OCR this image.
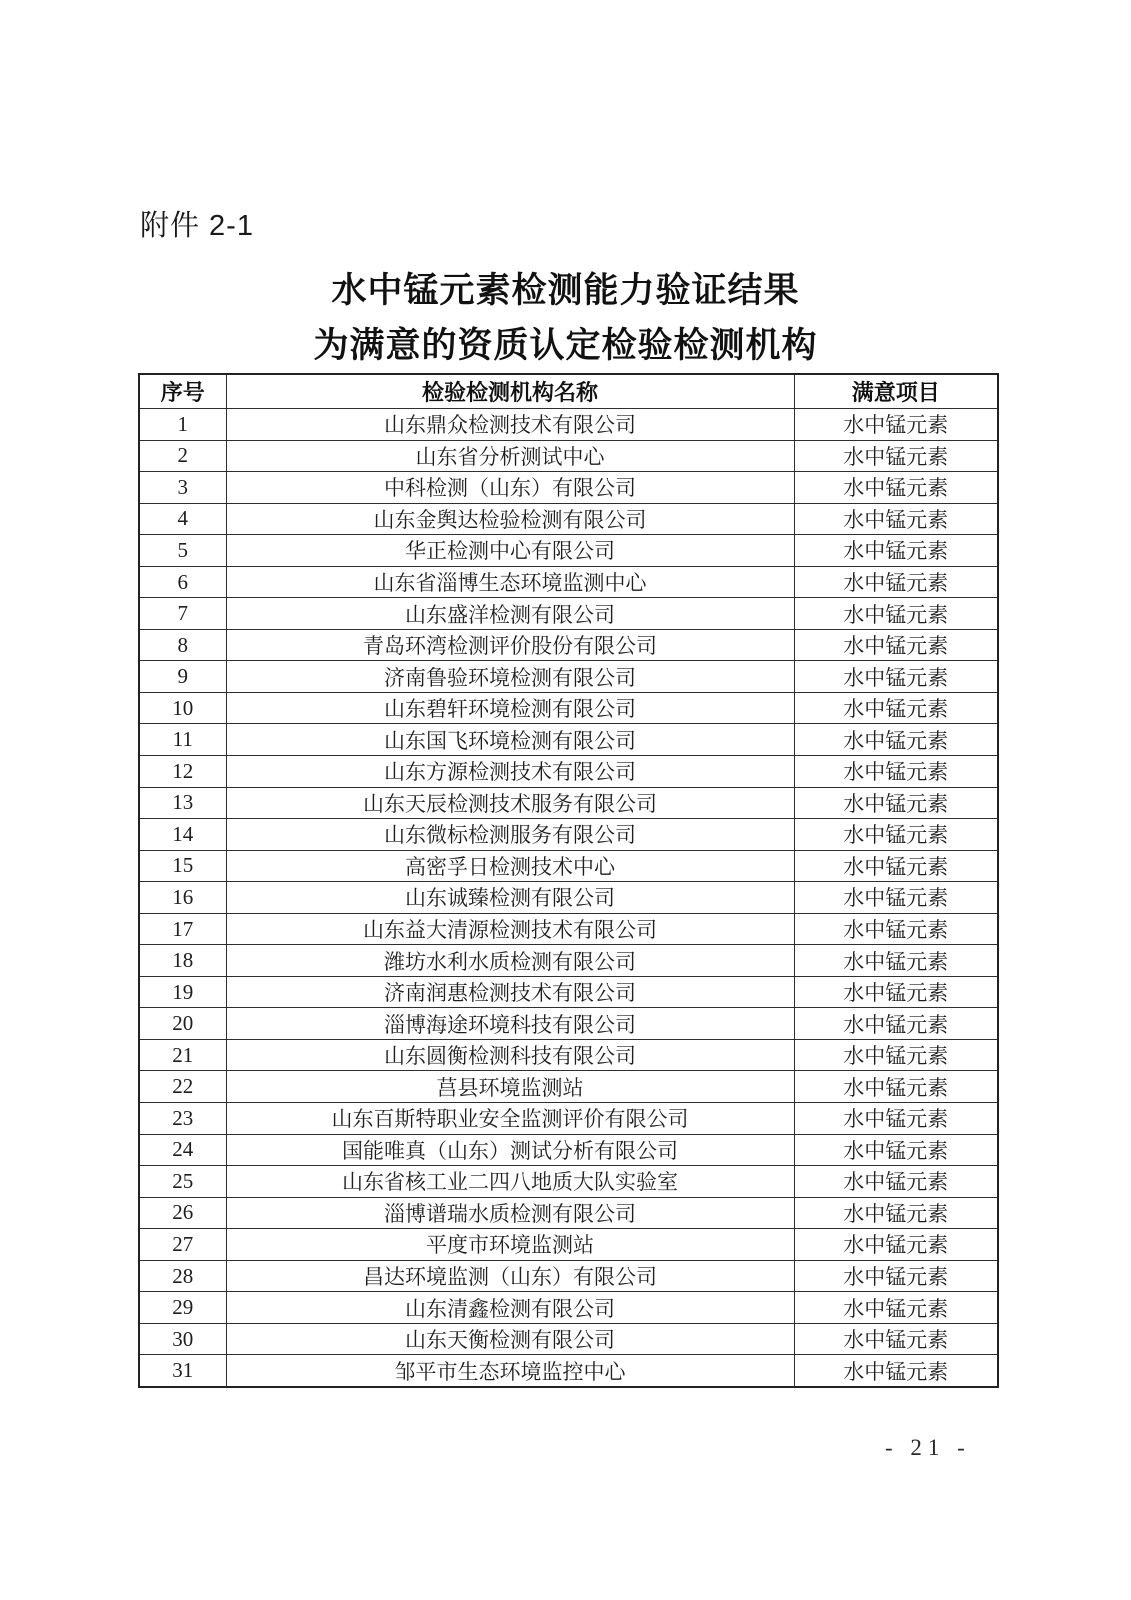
附件 2-1
水中锰元素检测能力验证结果
为满意的资质认定检验检测机构
序号	检验检测机构名称	满意项目
1	山东鼎众检测技术有限公司	水中锰元素
2	山东省分析测试中心	水中锰元素
3	中科检测（山东）有限公司	水中锰元素
4	山东金舆达检验检测有限公司	水中锰元素
5	华正检测中心有限公司	水中锰元素
6	山东省淄博生态环境监测中心	水中锰元素
7	山东盛洋检测有限公司	水中锰元素
8	青岛环湾检测评价股份有限公司	水中锰元素
9	济南鲁验环境检测有限公司	水中锰元素
10	山东碧轩环境检测有限公司	水中锰元素
11	山东国飞环境检测有限公司	水中锰元素
12	山东方源检测技术有限公司	水中锰元素
13	山东天辰检测技术服务有限公司	水中锰元素
14	山东微标检测服务有限公司	水中锰元素
15	高密孚日检测技术中心	水中锰元素
16	山东诚臻检测有限公司	水中锰元素
17	山东益大清源检测技术有限公司	水中锰元素
18	潍坊水利水质检测有限公司	水中锰元素
19	济南润惠检测技术有限公司	水中锰元素
20	淄博海途环境科技有限公司	水中锰元素
21	山东圆衡检测科技有限公司	水中锰元素
22	莒县环境监测站	水中锰元素
23	山东百斯特职业安全监测评价有限公司	水中锰元素
24	国能唯真（山东）测试分析有限公司	水中锰元素
25	山东省核工业二四八地质大队实验室	水中锰元素
26	淄博谱瑞水质检测有限公司	水中锰元素
27	平度市环境监测站	水中锰元素
28	昌达环境监测（山东）有限公司	水中锰元素
29	山东清鑫检测有限公司	水中锰元素
30	山东天衡检测有限公司	水中锰元素
31	邹平市生态环境监控中心	水中锰元素
- 21 -
